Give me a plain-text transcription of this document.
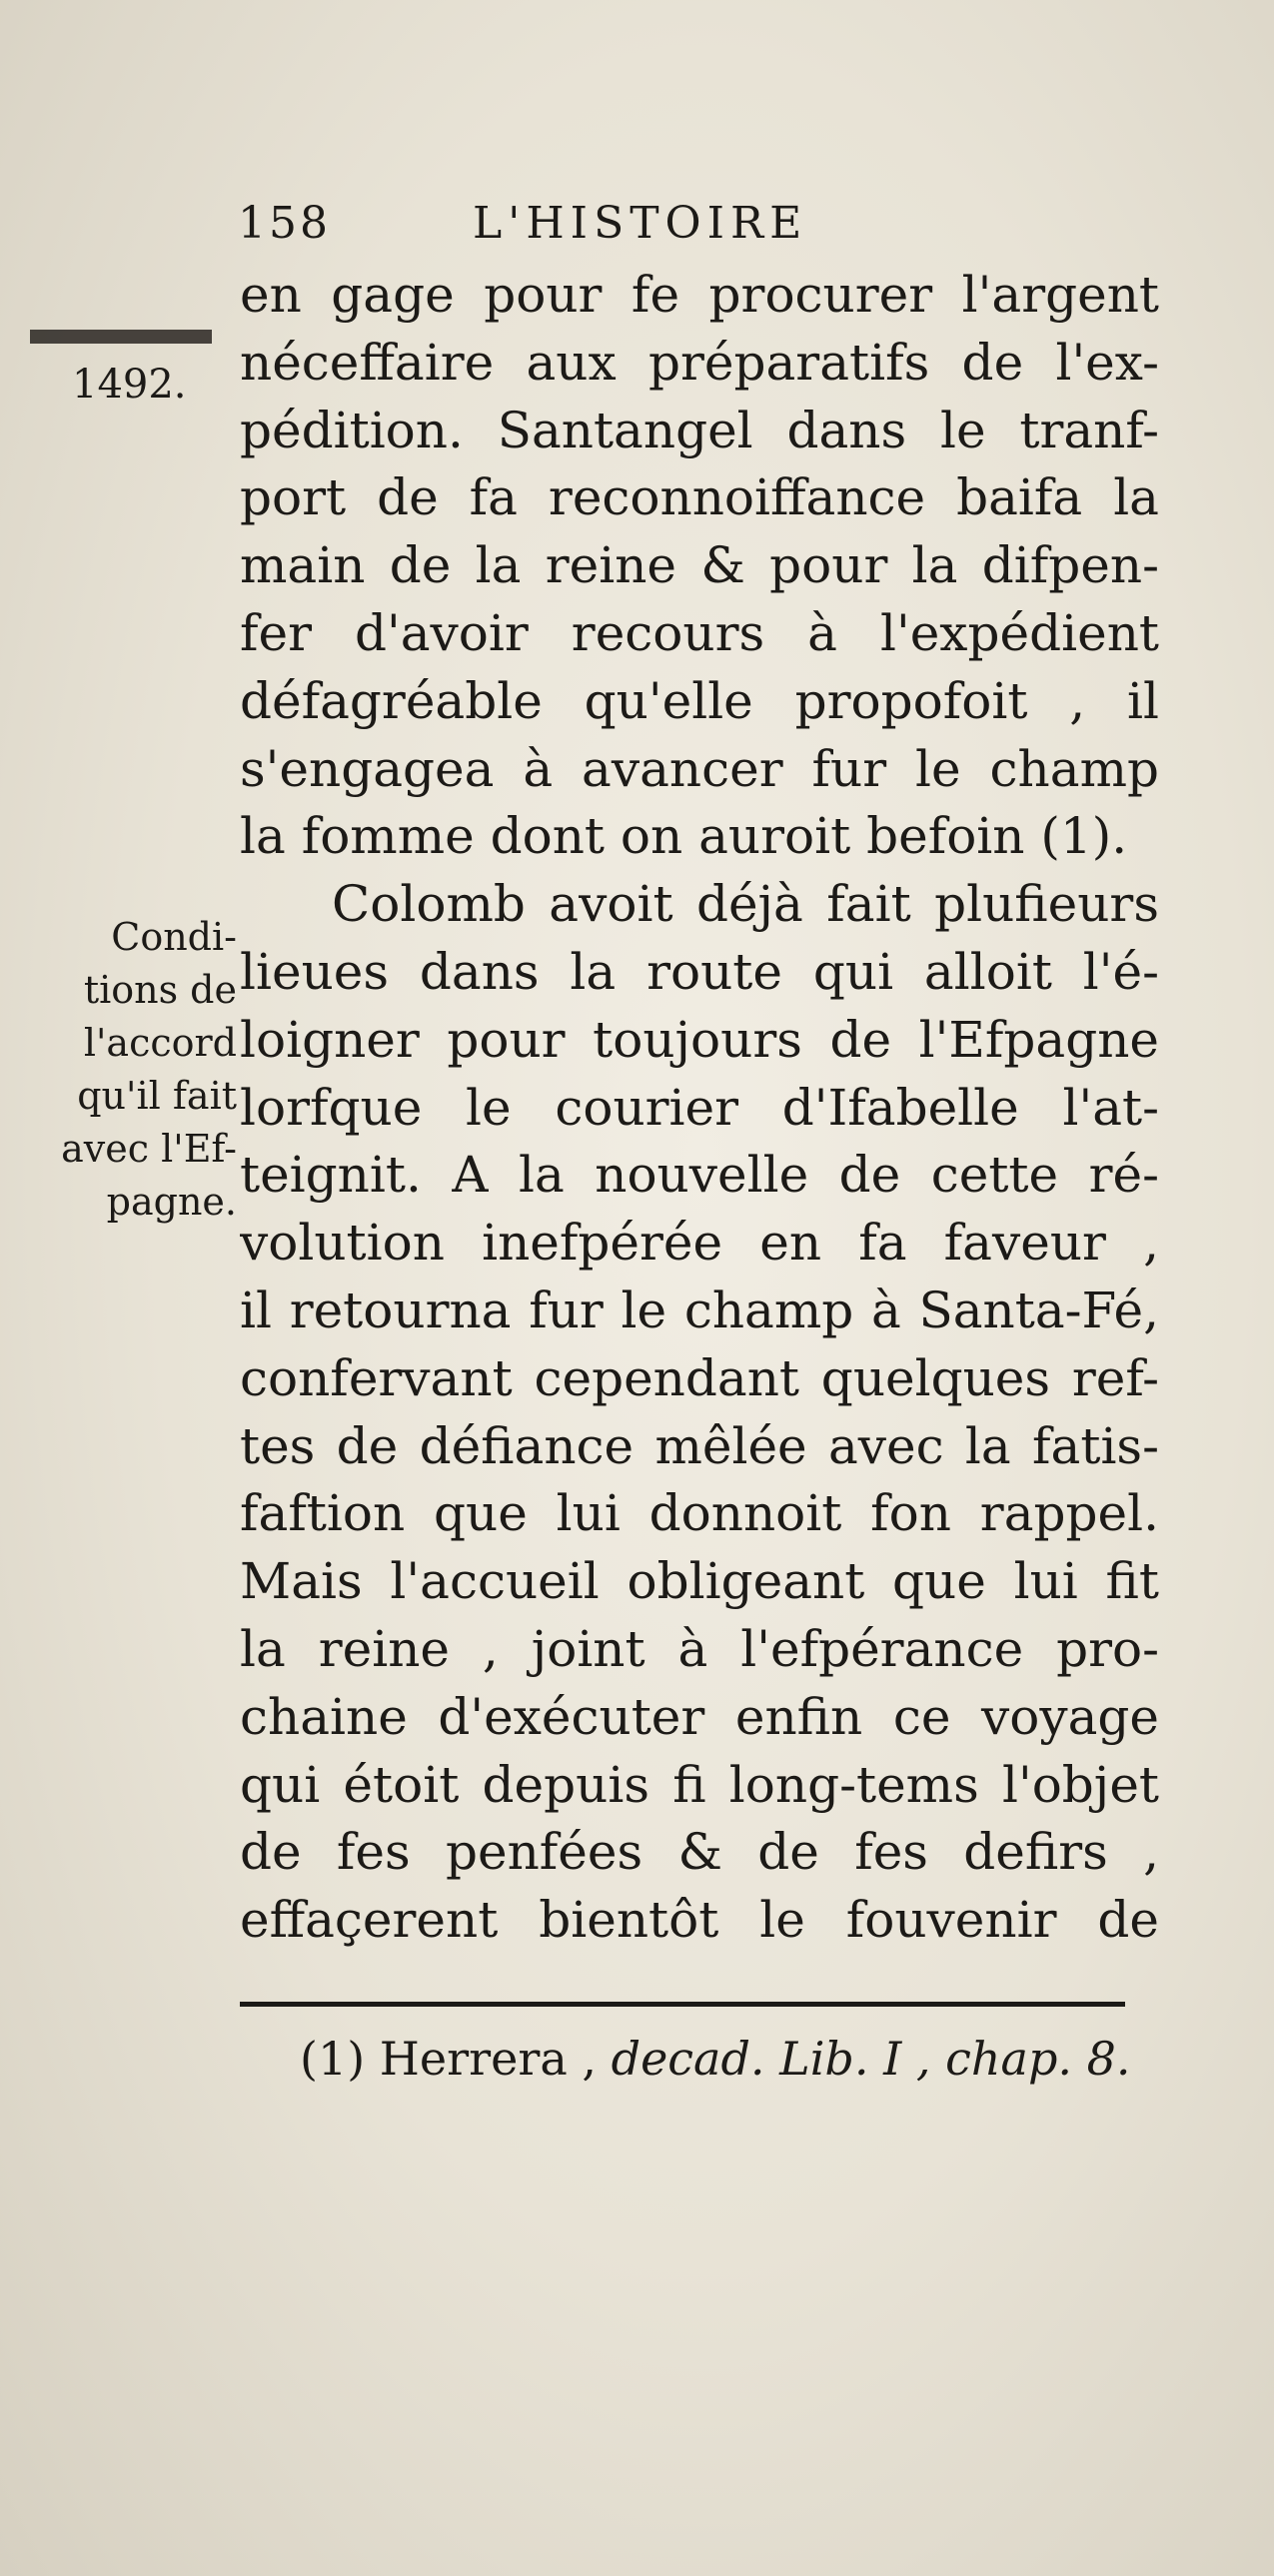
158	L'HISTOIRE
1492.
Condi-
tions de
l'accord
qu'il fait
avec l'Ef-
pagne.
en gage pour fe procurer l'argent
néceffaire aux préparatifs de l'ex-
pédition. Santangel dans le tranf-
port de fa reconnoiffance baifa la
main de la reine & pour la difpen-
fer d'avoir recours à l'expédient
défagréable qu'elle propofoit , il
s'engagea à avancer fur le champ
la fomme dont on auroit befoin (1).
Colomb avoit déjà fait plufieurs
lieues dans la route qui alloit l'é-
loigner pour toujours de l'Efpagne
lorfque le courier d'Ifabelle l'at-
teignit. A la nouvelle de cette ré-
volution inefpérée en fa faveur ,
il retourna fur le champ à Santa-Fé,
confervant cependant quelques ref-
tes de défiance mêlée avec la fatis-
faftion que lui donnoit fon rappel.
Mais l'accueil obligeant que lui fit
la reine , joint à l'efpérance pro-
chaine d'exécuter enfin ce voyage
qui étoit depuis fi long-tems l'objet
de fes penfées & de fes defirs ,
effaçerent bientôt le fouvenir de
(1) Herrera , decad. Lib. I , chap. 8.
